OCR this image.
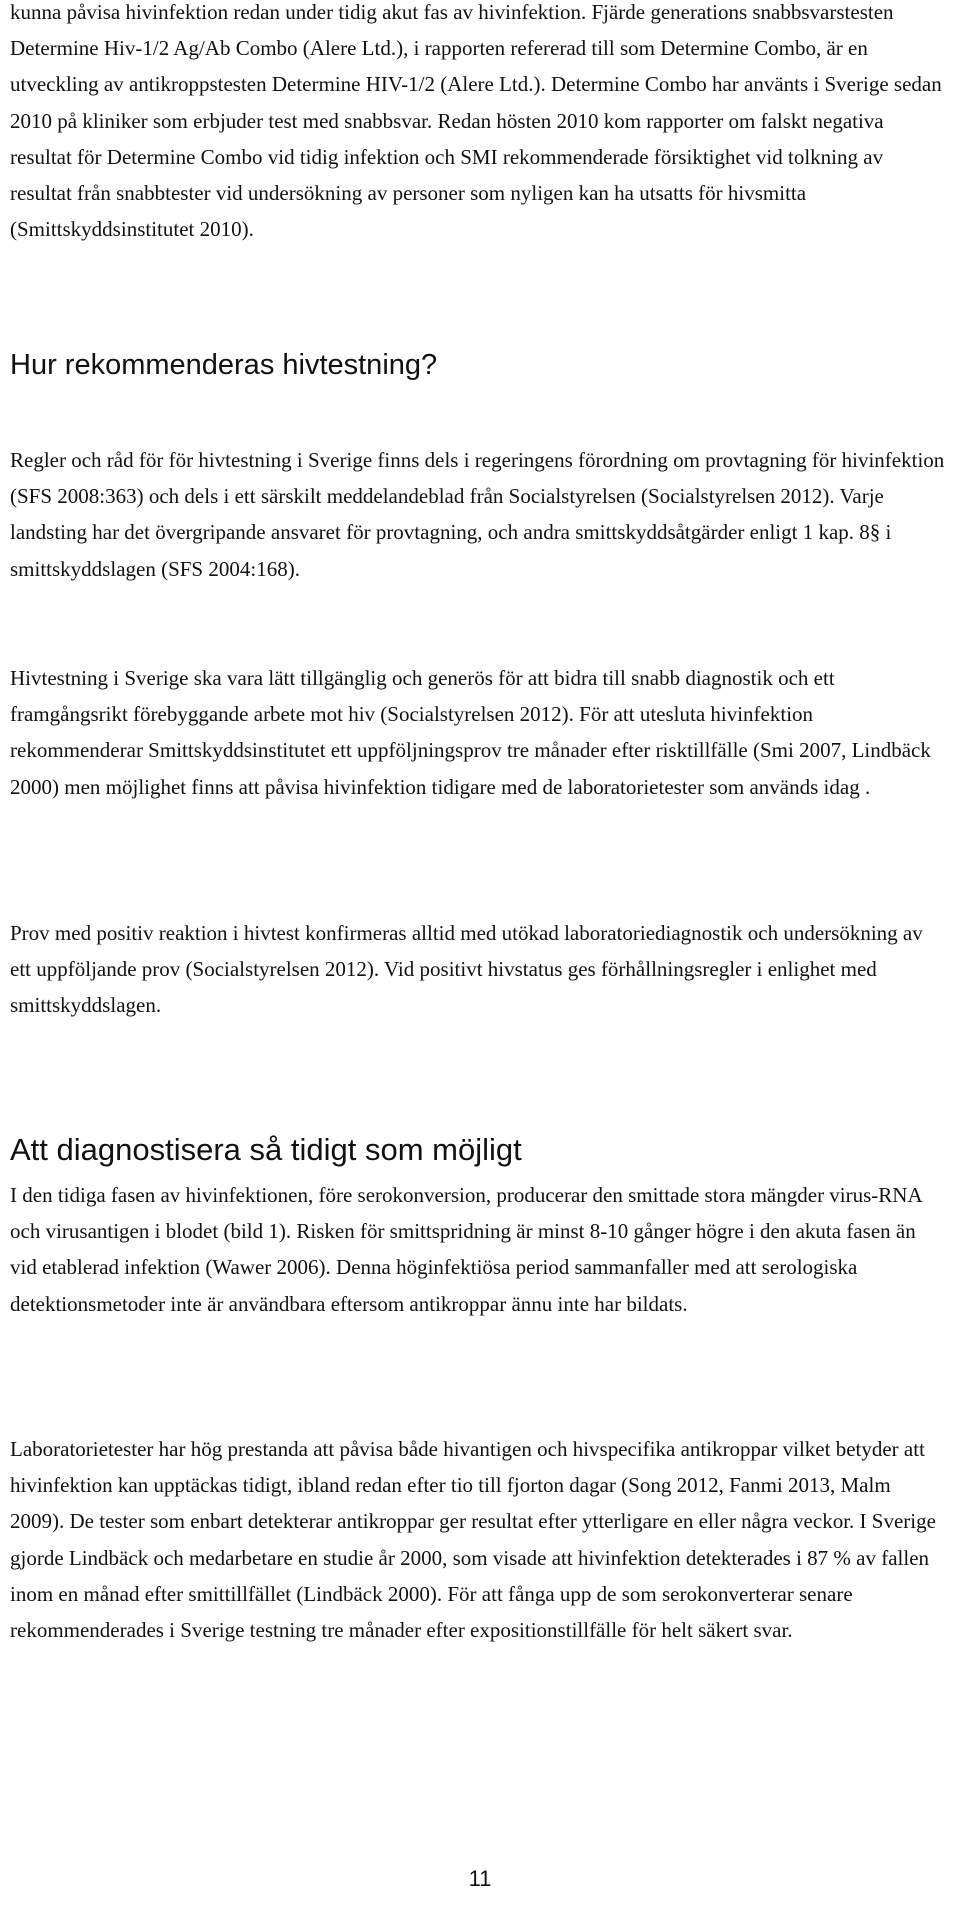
kunna påvisa hivinfektion redan under tidig akut fas av hivinfektion. Fjärde generations snabbsvarstesten Determine Hiv-1/2 Ag/Ab Combo (Alere Ltd.), i rapporten refererad till som Determine Combo, är en utveckling av antikroppstesten Determine HIV-1/2 (Alere Ltd.). Determine Combo har använts i Sverige sedan 2010 på kliniker som erbjuder test med snabbsvar. Redan hösten 2010 kom rapporter om falskt negativa resultat för Determine Combo vid tidig infektion och SMI rekommenderade försiktighet vid tolkning av resultat från snabbtester vid undersökning av personer som nyligen kan ha utsatts för hivsmitta (Smittskyddsinstitutet 2010).

Hur rekommenderas hivtestning?

Regler och råd för för hivtestning i Sverige finns dels i regeringens förordning om provtagning för hivinfektion (SFS 2008:363) och dels i ett särskilt meddelandeblad från Socialstyrelsen (Socialstyrelsen 2012). Varje landsting har det övergripande ansvaret för provtagning, och andra smittskyddsåtgärder enligt 1 kap. 8§ i smittskyddslagen (SFS 2004:168).

Hivtestning i Sverige ska vara lätt tillgänglig och generös för att bidra till snabb diagnostik och ett framgångsrikt förebyggande arbete mot hiv (Socialstyrelsen 2012). För att utesluta hivinfektion rekommenderar Smittskyddsinstitutet ett uppföljningsprov tre månader efter risktillfälle (Smi 2007, Lindbäck 2000) men möjlighet finns att påvisa hivinfektion tidigare med de laboratorietester som används idag .

Prov med positiv reaktion i hivtest konfirmeras alltid med utökad laboratoriediagnostik och undersökning av ett uppföljande prov (Socialstyrelsen 2012). Vid positivt hivstatus ges förhållningsregler i enlighet med smittskyddslagen.

Att diagnostisera så tidigt som möjligt

I den tidiga fasen av hivinfektionen, före serokonversion, producerar den smittade stora mängder virus-RNA och virusantigen i blodet (bild 1). Risken för smittspridning är minst 8-10 gånger högre i den akuta fasen än vid etablerad infektion (Wawer 2006). Denna höginfektiösa period sammanfaller med att serologiska detektionsmetoder inte är användbara eftersom antikroppar ännu inte har bildats.

Laboratorietester har hög prestanda att påvisa både hivantigen och hivspecifika antikroppar vilket betyder att hivinfektion kan upptäckas tidigt, ibland redan efter tio till fjorton dagar (Song 2012, Fanmi 2013, Malm 2009). De tester som enbart detekterar antikroppar ger resultat efter ytterligare en eller några veckor. I Sverige gjorde Lindbäck och medarbetare en studie år 2000, som visade att hivinfektion detekterades i 87 % av fallen inom en månad efter smittillfället (Lindbäck 2000). För att fånga upp de som serokonverterar senare rekommenderades i Sverige testning tre månader efter expositionstillfälle för helt säkert svar.

11
